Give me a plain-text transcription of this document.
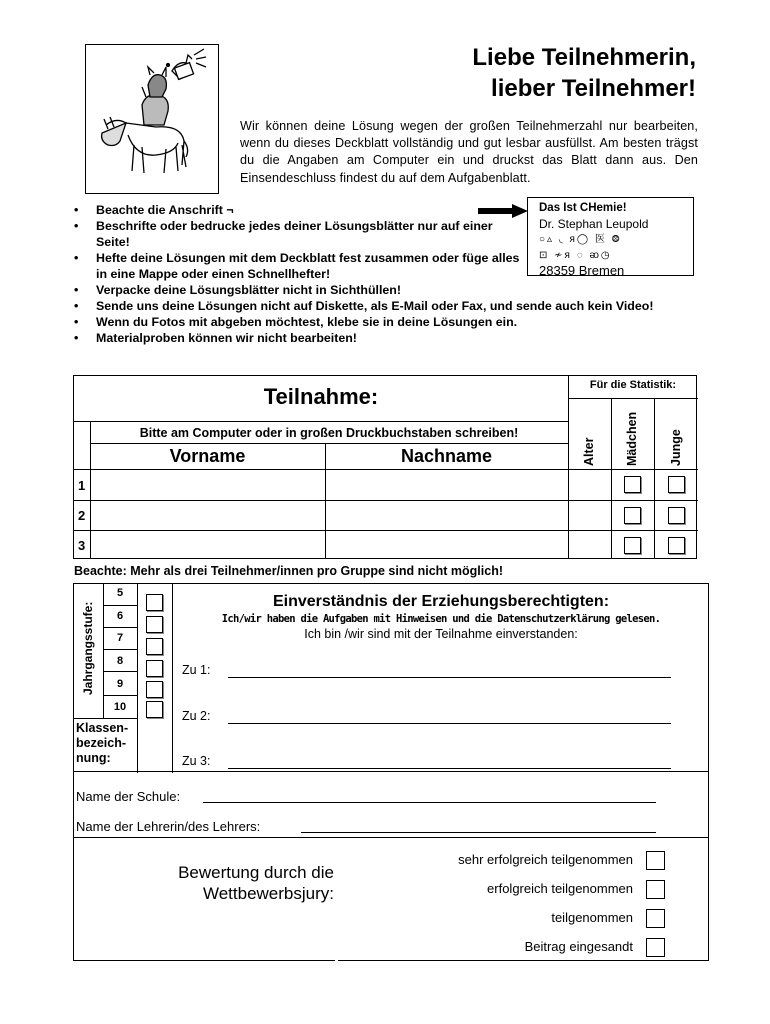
Liebe Teilnehmerin,
lieber Teilnehmer!
Wir können deine Lösung wegen der großen Teilnehmerzahl nur bearbeiten, wenn du dieses Deckblatt vollständig und gut lesbar ausfüllst. Am besten trägst du die Angaben am Computer ein und druckst das Blatt dann aus. Den Einsendeschluss findest du auf dem Aufgabenblatt.
• Beachte die Anschrift ¬
• Beschrifte oder bedrucke jedes deiner Lösungsblätter nur auf einer Seite!
• Hefte deine Lösungen mit dem Deckblatt fest zusammen oder füge alles in eine Mappe oder einen Schnellhefter!
• Verpacke deine Lösungsblätter nicht in Sichthüllen!
• Sende uns deine Lösungen nicht auf Diskette, als E-Mail oder Fax, und sende auch kein Video!
• Wenn du Fotos mit abgeben möchtest, klebe sie in deine Lösungen ein.
• Materialproben können wir nicht bearbeiten!
Das Ist CHemie!
Dr. Stephan Leupold
○▵ ◟ ᴙ◯ 医 ⨷
⊡ ≁ᴙ ◌ ᴔ◷
28359 Bremen
Teilnahme:	Für die Statistik:
Bitte am Computer oder in großen Druckbuchstaben schreiben!
Vorname	Nachname	Alter Mädchen Junge
1
2
3
Beachte: Mehr als drei Teilnehmer/innen pro Gruppe sind nicht möglich!
Jahrgangsstufe:
5
6
7
8
9
10
Klassen-
bezeich-
nung:
Einverständnis der Erziehungsberechtigten:
Ich/wir haben die Aufgaben mit Hinweisen und die Datenschutzerklärung gelesen.
Ich bin /wir sind mit der Teilnahme einverstanden:
Zu 1:
Zu 2:
Zu 3:
Name der Schule:
Name der Lehrerin/des Lehrers:
Bewertung durch die
Wettbewerbsjury:
sehr erfolgreich teilgenommen
erfolgreich teilgenommen
teilgenommen
Beitrag eingesandt
